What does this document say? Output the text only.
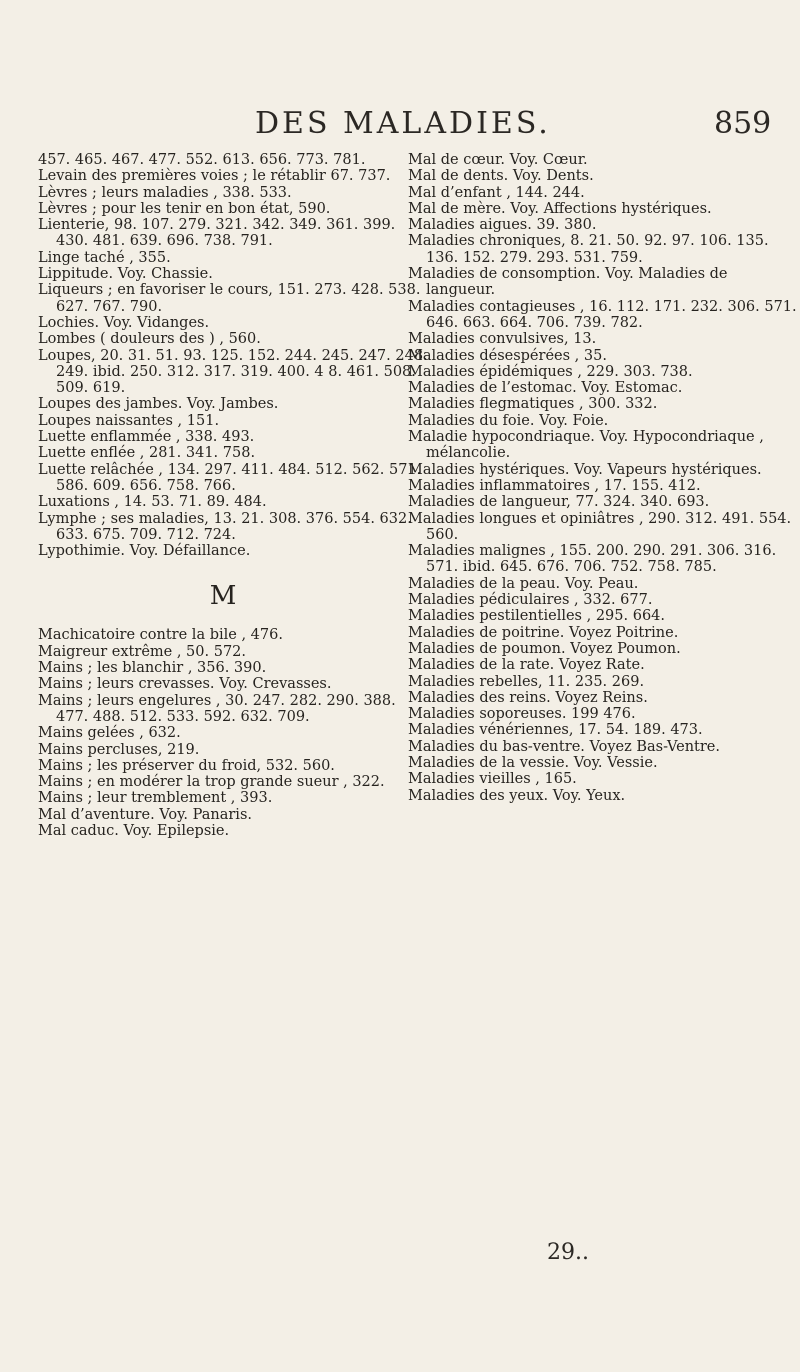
DES MALADIES.	859

457. 465. 467. 477. 552. 613. 656. 773. 781.

Levain des premières voies ; le rétablir 67. 737.

Lèvres ; leurs maladies , 338. 533.

Lèvres ; pour les tenir en bon état, 590.

Lienterie, 98. 107. 279. 321. 342. 349. 361. 399. 430. 481. 639. 696. 738. 791.

Linge taché , 355.

Lippitude. Voy. Chassie.

Liqueurs ; en favoriser le cours, 151. 273. 428. 538. 627. 767. 790.

Lochies. Voy. Vidanges.

Lombes ( douleurs des ) , 560.

Loupes, 20. 31. 51. 93. 125. 152. 244. 245. 247. 248. 249. ibid. 250. 312. 317. 319. 400. 4 8. 461. 508. 509. 619.

Loupes des jambes. Voy. Jambes.

Loupes naissantes , 151.

Luette enflammée , 338. 493.

Luette enflée , 281. 341. 758.

Luette relâchée , 134. 297. 411. 484. 512. 562. 571. 586. 609. 656. 758. 766.

Luxations , 14. 53. 71. 89. 484.

Lymphe ; ses maladies, 13. 21. 308. 376. 554. 632. 633. 675. 709. 712. 724.

Lypothimie. Voy. Défaillance.

M

Machicatoire contre la bile , 476.

Maigreur extrême , 50. 572.

Mains ; les blanchir , 356. 390.

Mains ; leurs crevasses. Voy. Crevasses.

Mains ; leurs engelures , 30. 247. 282. 290. 388. 477. 488. 512. 533. 592. 632. 709.

Mains gelées , 632.

Mains percluses, 219.

Mains ; les préserver du froid, 532. 560.

Mains ; en modérer la trop grande sueur , 322.

Mains ; leur tremblement , 393.

Mal d’aventure. Voy. Panaris.

Mal caduc. Voy. Epilepsie.

Mal de cœur. Voy. Cœur.

Mal de dents. Voy. Dents.

Mal d’enfant , 144. 244.

Mal de mère. Voy. Affections hystériques.

Maladies aigues. 39. 380.

Maladies chroniques, 8. 21. 50. 92. 97. 106. 135. 136. 152. 279. 293. 531. 759.

Maladies de consomption. Voy. Maladies de langueur.

Maladies contagieuses , 16. 112. 171. 232. 306. 571. 646. 663. 664. 706. 739. 782.

Maladies convulsives, 13.

Maladies désespérées , 35.

Maladies épidémiques , 229. 303. 738.

Maladies de l’estomac. Voy. Estomac.

Maladies flegmatiques , 300. 332.

Maladies du foie. Voy. Foie.

Maladie hypocondriaque. Voy. Hypocondriaque , mélancolie.

Maladies hystériques. Voy. Vapeurs hystériques.

Maladies inflammatoires , 17. 155. 412.

Maladies de langueur, 77. 324. 340. 693.

Maladies longues et opiniâtres , 290. 312. 491. 554. 560.

Maladies malignes , 155. 200. 290. 291. 306. 316. 571. ibid. 645. 676. 706. 752. 758. 785.

Maladies de la peau. Voy. Peau.

Maladies pédiculaires , 332. 677.

Maladies pestilentielles , 295. 664.

Maladies de poitrine. Voyez Poitrine.

Maladies de poumon. Voyez Poumon.

Maladies de la rate. Voyez Rate.

Maladies rebelles, 11. 235. 269.

Maladies des reins. Voyez Reins.

Maladies soporeuses. 199 476.

Maladies vénériennes, 17. 54. 189. 473.

Maladies du bas-ventre. Voyez Bas-Ventre.

Maladies de la vessie. Voy. Vessie.

Maladies vieilles , 165.

Maladies des yeux. Voy. Yeux.

29..
